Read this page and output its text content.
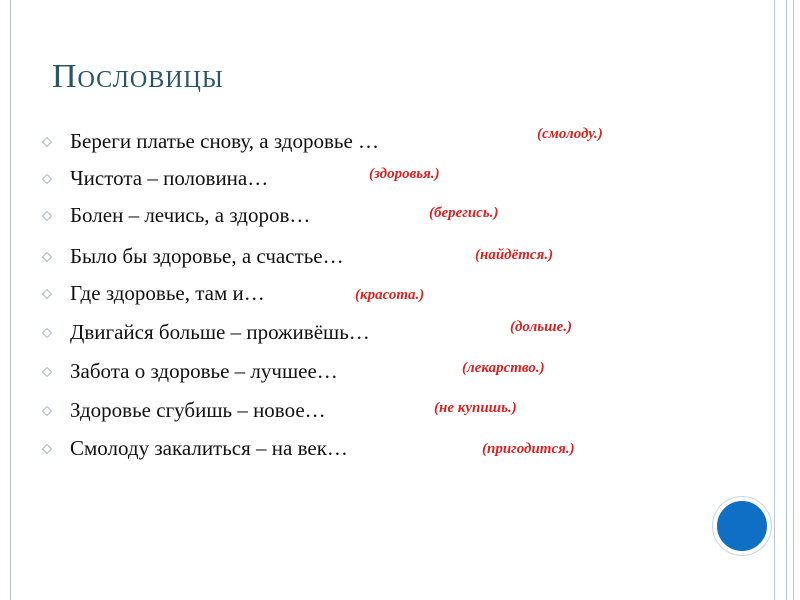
Пословицы
Береги платье снову, а здоровье …	(смолоду.)
Чистота – половина…	(здоровья.)
Болен – лечись, а здоров…	(берегись.)
Было бы здоровье, а счастье…	(найдётся.)
Где здоровье, там и…	(красота.)
Двигайся больше – проживёшь…	(дольше.)
Забота о здоровье – лучшее…	(лекарство.)
Здоровье сгубишь – новое…	(не купишь.)
Смолоду закалиться – на век…	(пригодится.)
